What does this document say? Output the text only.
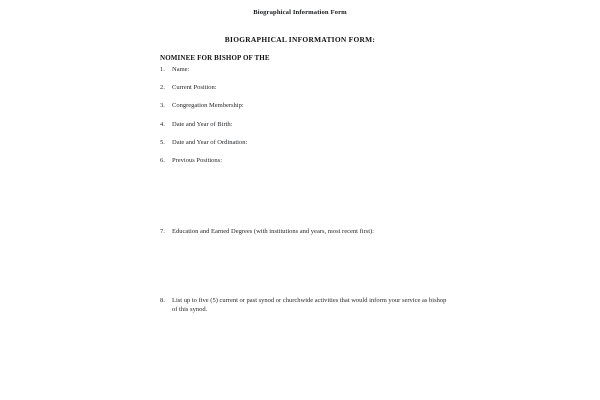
Biographical Information Form
BIOGRAPHICAL INFORMATION FORM:
NOMINEE FOR BISHOP OF THE
1.	Name:
2.	Current Position:
3.	Congregation Membership:
4.	Date and Year of Birth:
5.	Date and Year of Ordination:
6.	Previous Positions:
7.	Education and Earned Degrees (with institutions and years, most recent first):
8.	List up to five (5) current or past synod or churchwide activities that would inform your service as bishop of this synod.
